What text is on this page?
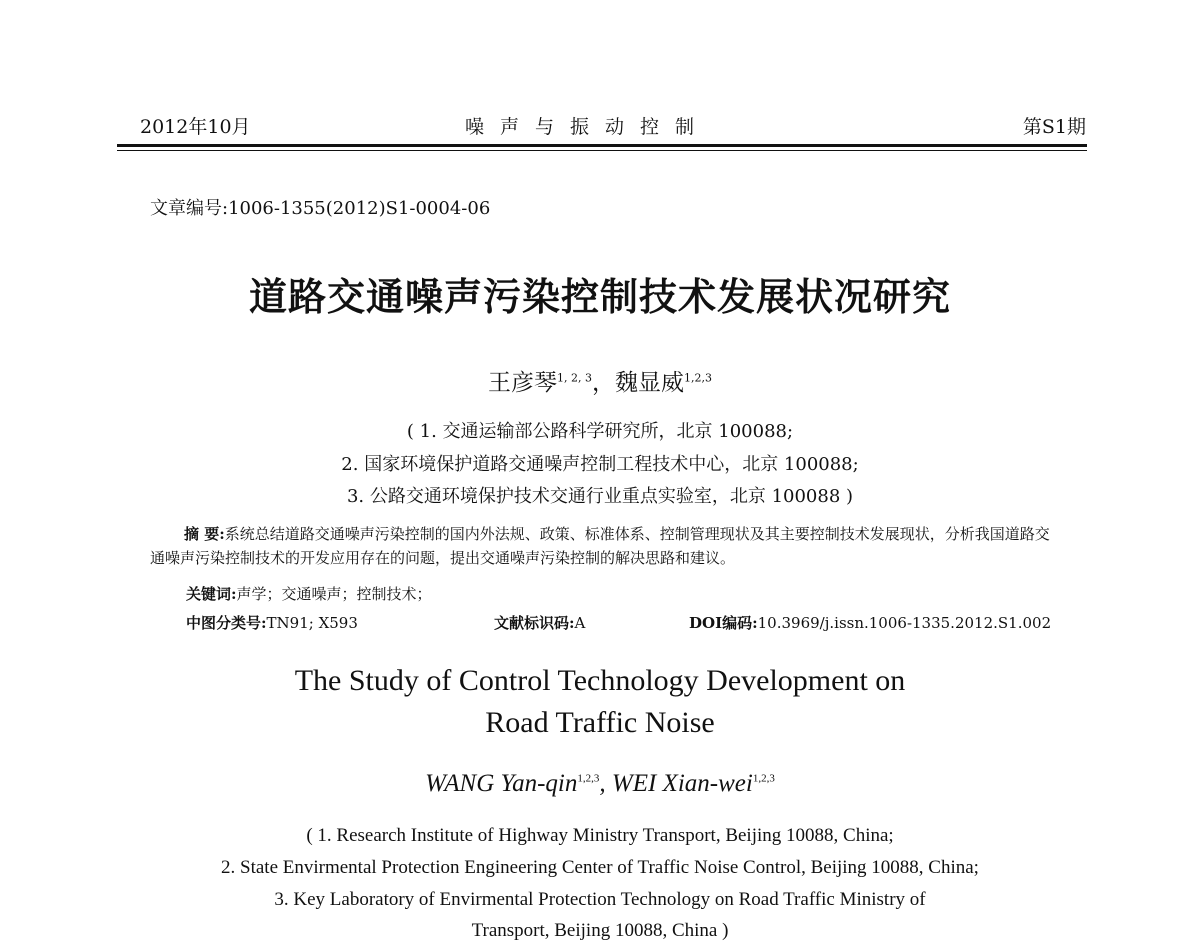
2012年10月	噪声与振动控制	第S1期
文章编号:1006-1355(2012)S1-0004-06
道路交通噪声污染控制技术发展状况研究
王彦琴$^{1, 2, 3}$，魏显威$^{1,2,3}$
( 1. 交通运输部公路科学研究所，北京 100088;
2. 国家环境保护道路交通噪声控制工程技术中心，北京 100088;
3. 公路交通环境保护技术交通行业重点实验室，北京 100088 )
摘 要:系统总结道路交通噪声污染控制的国内外法规、政策、标准体系、控制管理现状及其主要控制技术发展现状，分析我国道路交通噪声污染控制技术的开发应用存在的问题，提出交通噪声污染控制的解决思路和建议。
关键词:声学；交通噪声；控制技术；
中图分类号:TN91; X593	文献标识码:A	DOI编码:10.3969/j.issn.1006-1335.2012.S1.002
The Study of Control Technology Development on
Road Traffic Noise
WANG Yan-qin$^{1,2,3}$, WEI Xian-wei$^{1,2,3}$
( 1. Research Institute of Highway Ministry Transport, Beijing 10088, China;
2. State Envirmental Protection Engineering Center of Traffic Noise Control, Beijing 10088, China;
3. Key Laboratory of Envirmental Protection Technology on Road Traffic Ministry of
Transport, Beijing 10088, China )
